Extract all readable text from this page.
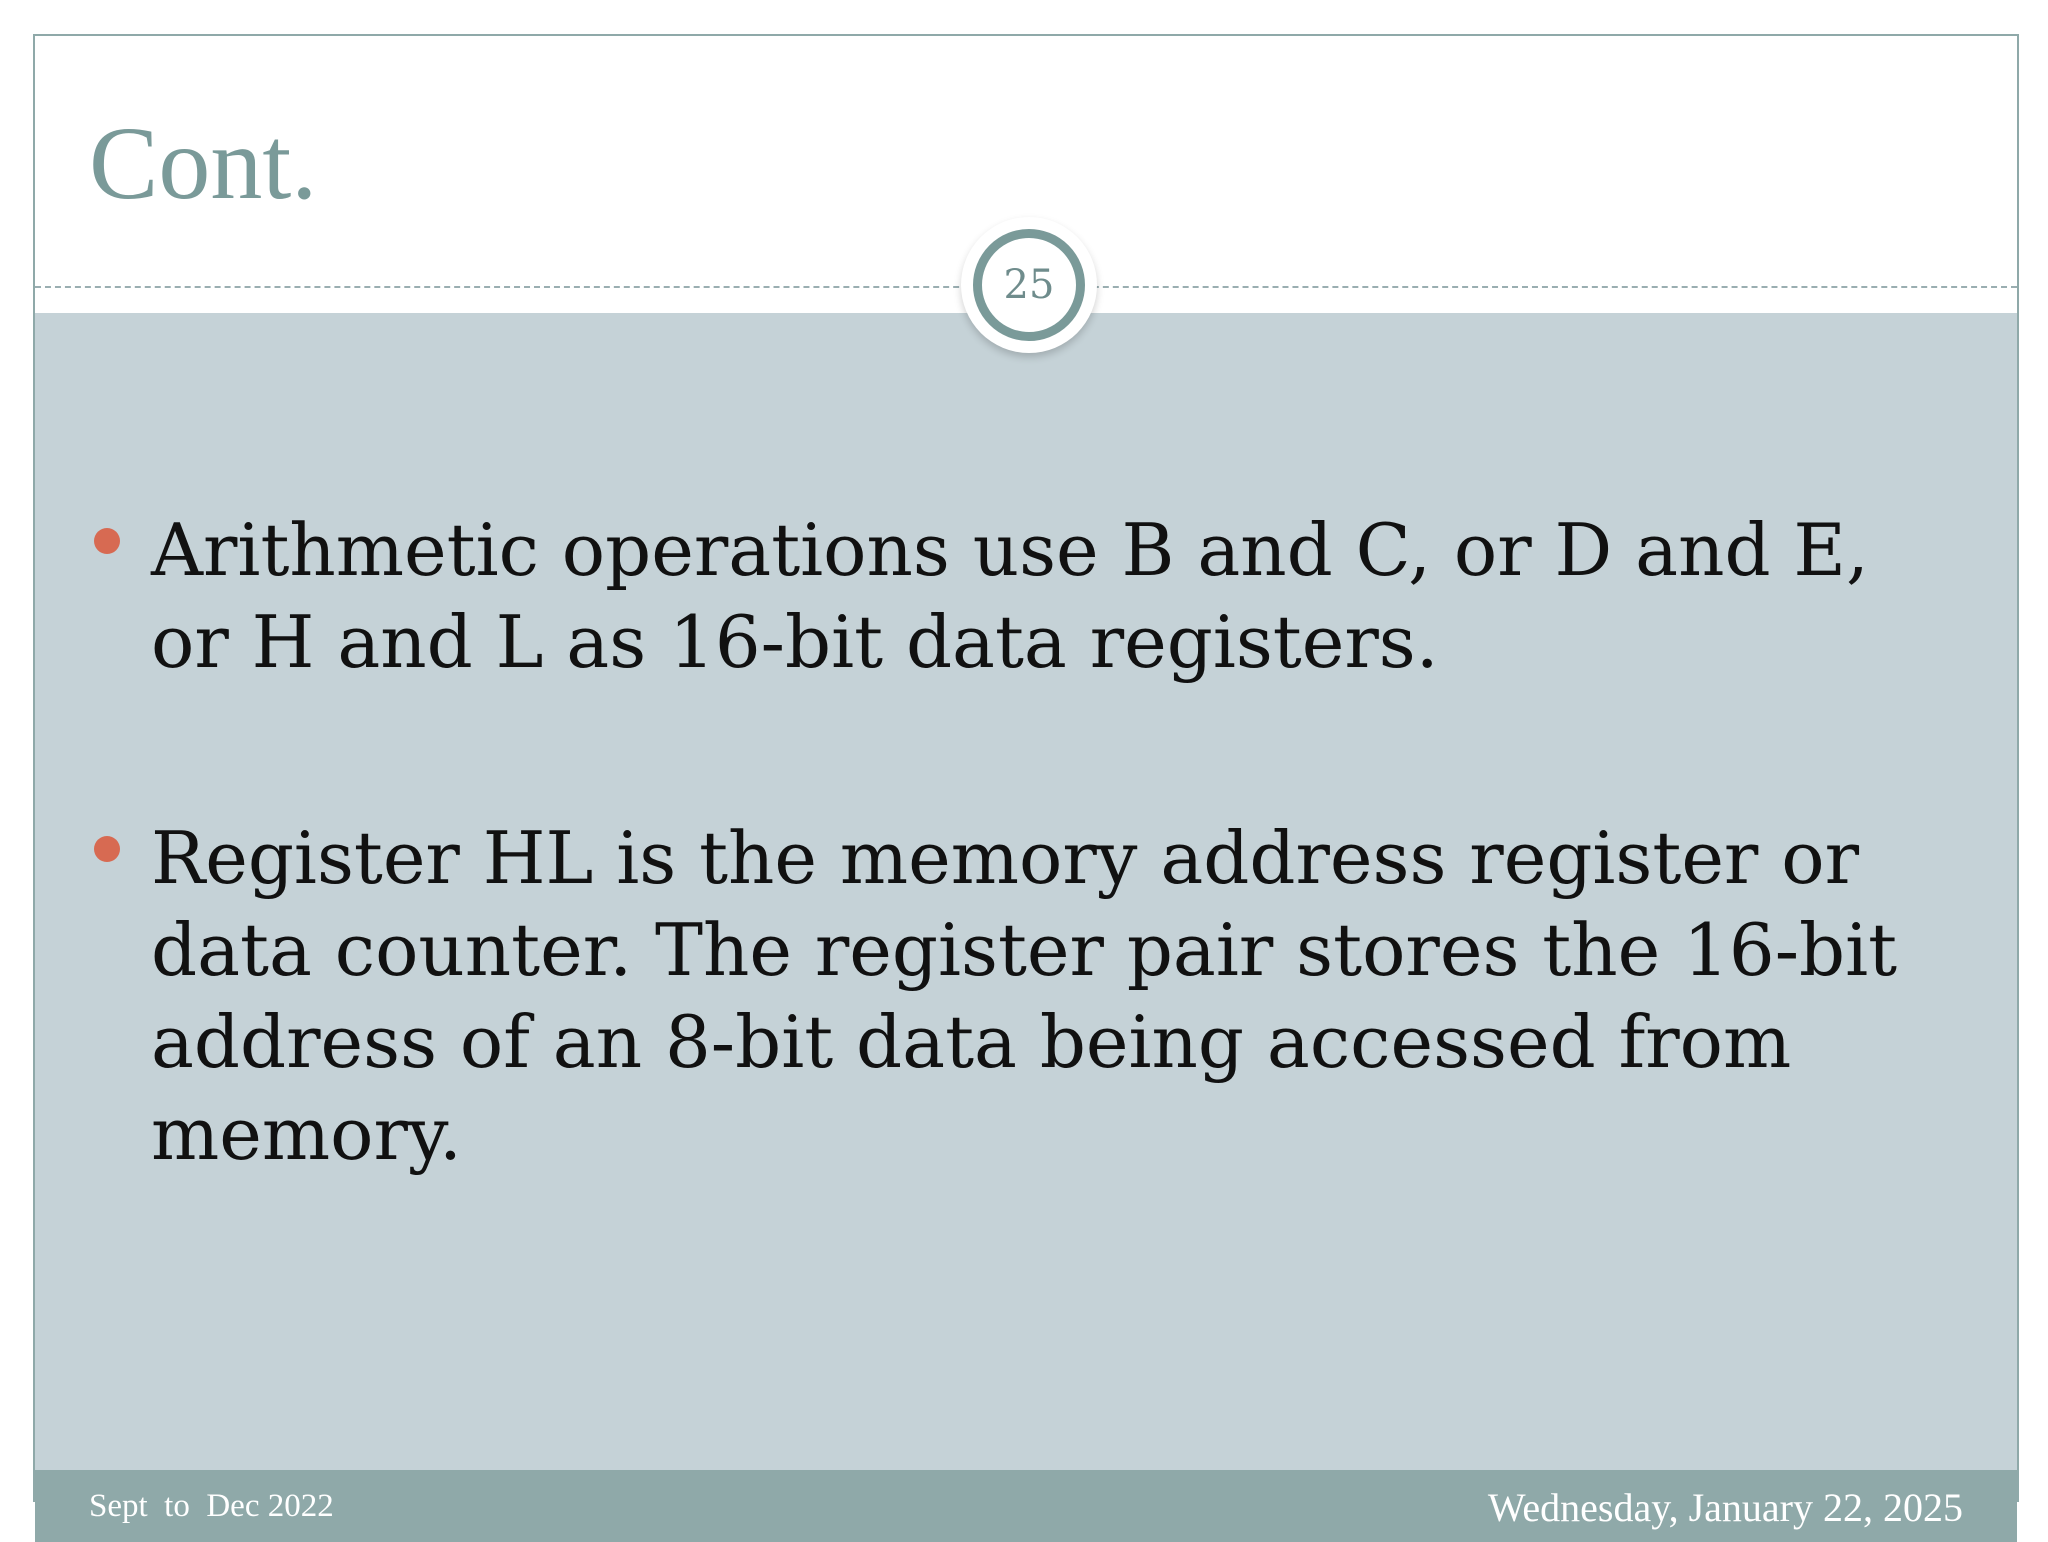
Cont.
25
Arithmetic operations use B and C, or D and E, or H and L as 16-bit data registers.
Register HL is the memory address register or data counter. The register pair stores the 16-bit address of an 8-bit data being accessed from memory.
Sept  to  Dec 2022	Wednesday, January 22, 2025
